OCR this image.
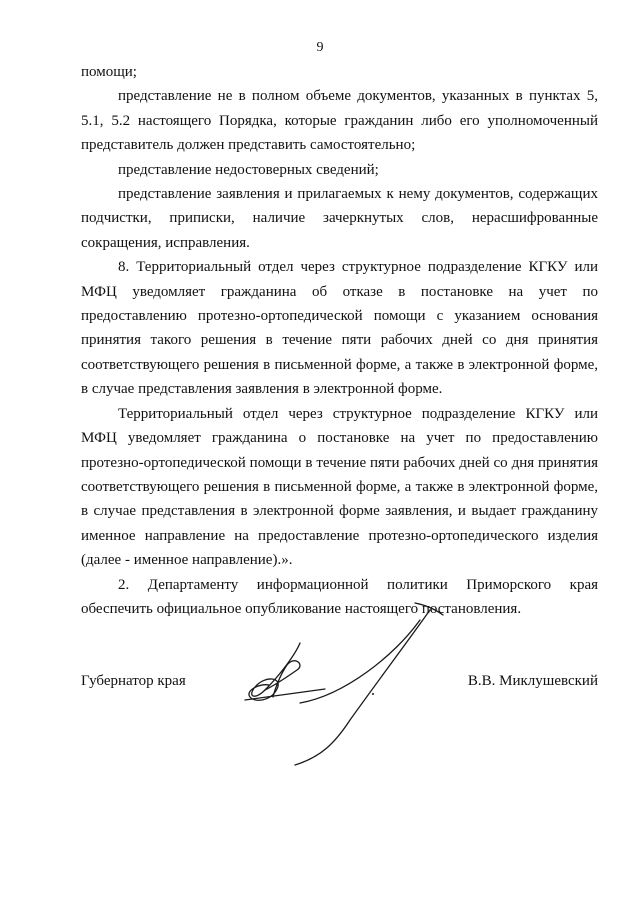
9

помощи;

представление не в полном объеме документов, указанных в пунктах 5, 5.1, 5.2 настоящего Порядка, которые гражданин либо его уполномоченный представитель должен представить самостоятельно;

представление недостоверных сведений;

представление заявления и прилагаемых к нему документов, содержащих подчистки, приписки, наличие зачеркнутых слов, нерасшифрованные сокращения, исправления.

8. Территориальный отдел через структурное подразделение КГКУ или МФЦ уведомляет гражданина об отказе в постановке на учет по предоставлению протезно-ортопедической помощи с указанием основания принятия такого решения в течение пяти рабочих дней со дня принятия соответствующего решения в письменной форме, а также в электронной форме, в случае представления заявления в электронной форме.

Территориальный отдел через структурное подразделение КГКУ или МФЦ уведомляет гражданина о постановке на учет по предоставлению протезно-ортопедической помощи в течение пяти рабочих дней со дня принятия соответствующего решения в письменной форме, а также в электронной форме, в случае представления в электронной форме заявления, и выдает гражданину именное направление на предоставление протезно-ортопедического изделия (далее - именное направление).».

2. Департаменту информационной политики Приморского края обеспечить официальное опубликование настоящего постановления.

Губернатор края	В.В. Миклушевский
